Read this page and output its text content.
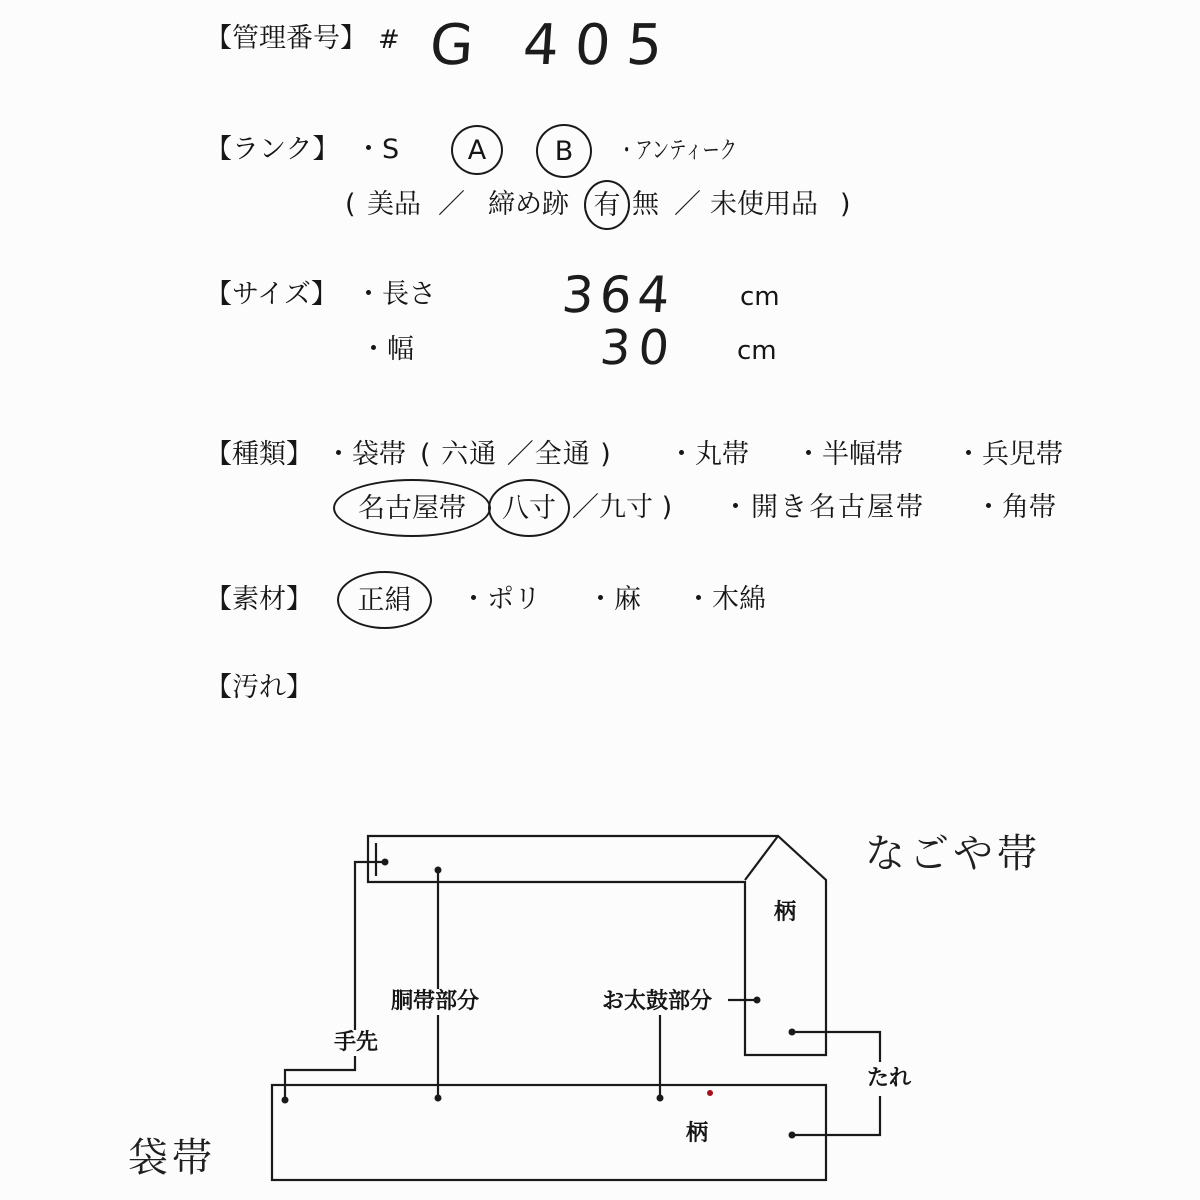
【管理番号】 # G 405
【ランク】 ・S	A	B	・アンティーク
( 美品 ／ 締め跡 有 無 ／ 未使用品 )
【サイズ】 ・長さ 364 cm
・幅	30 cm
【種類】 ・袋帯 ( 六通 ／全通 ) ・丸帯 ・半幅帯 ・兵児帯
名古屋帯	八寸 ／九寸 ) ・開き名古屋帯 ・角帯
【素材】	正絹	・ポリ ・麻 ・木綿
【汚れ】
なごや帯
柄
胴帯部分	お太鼓部分
手先
たれ
柄
袋帯
